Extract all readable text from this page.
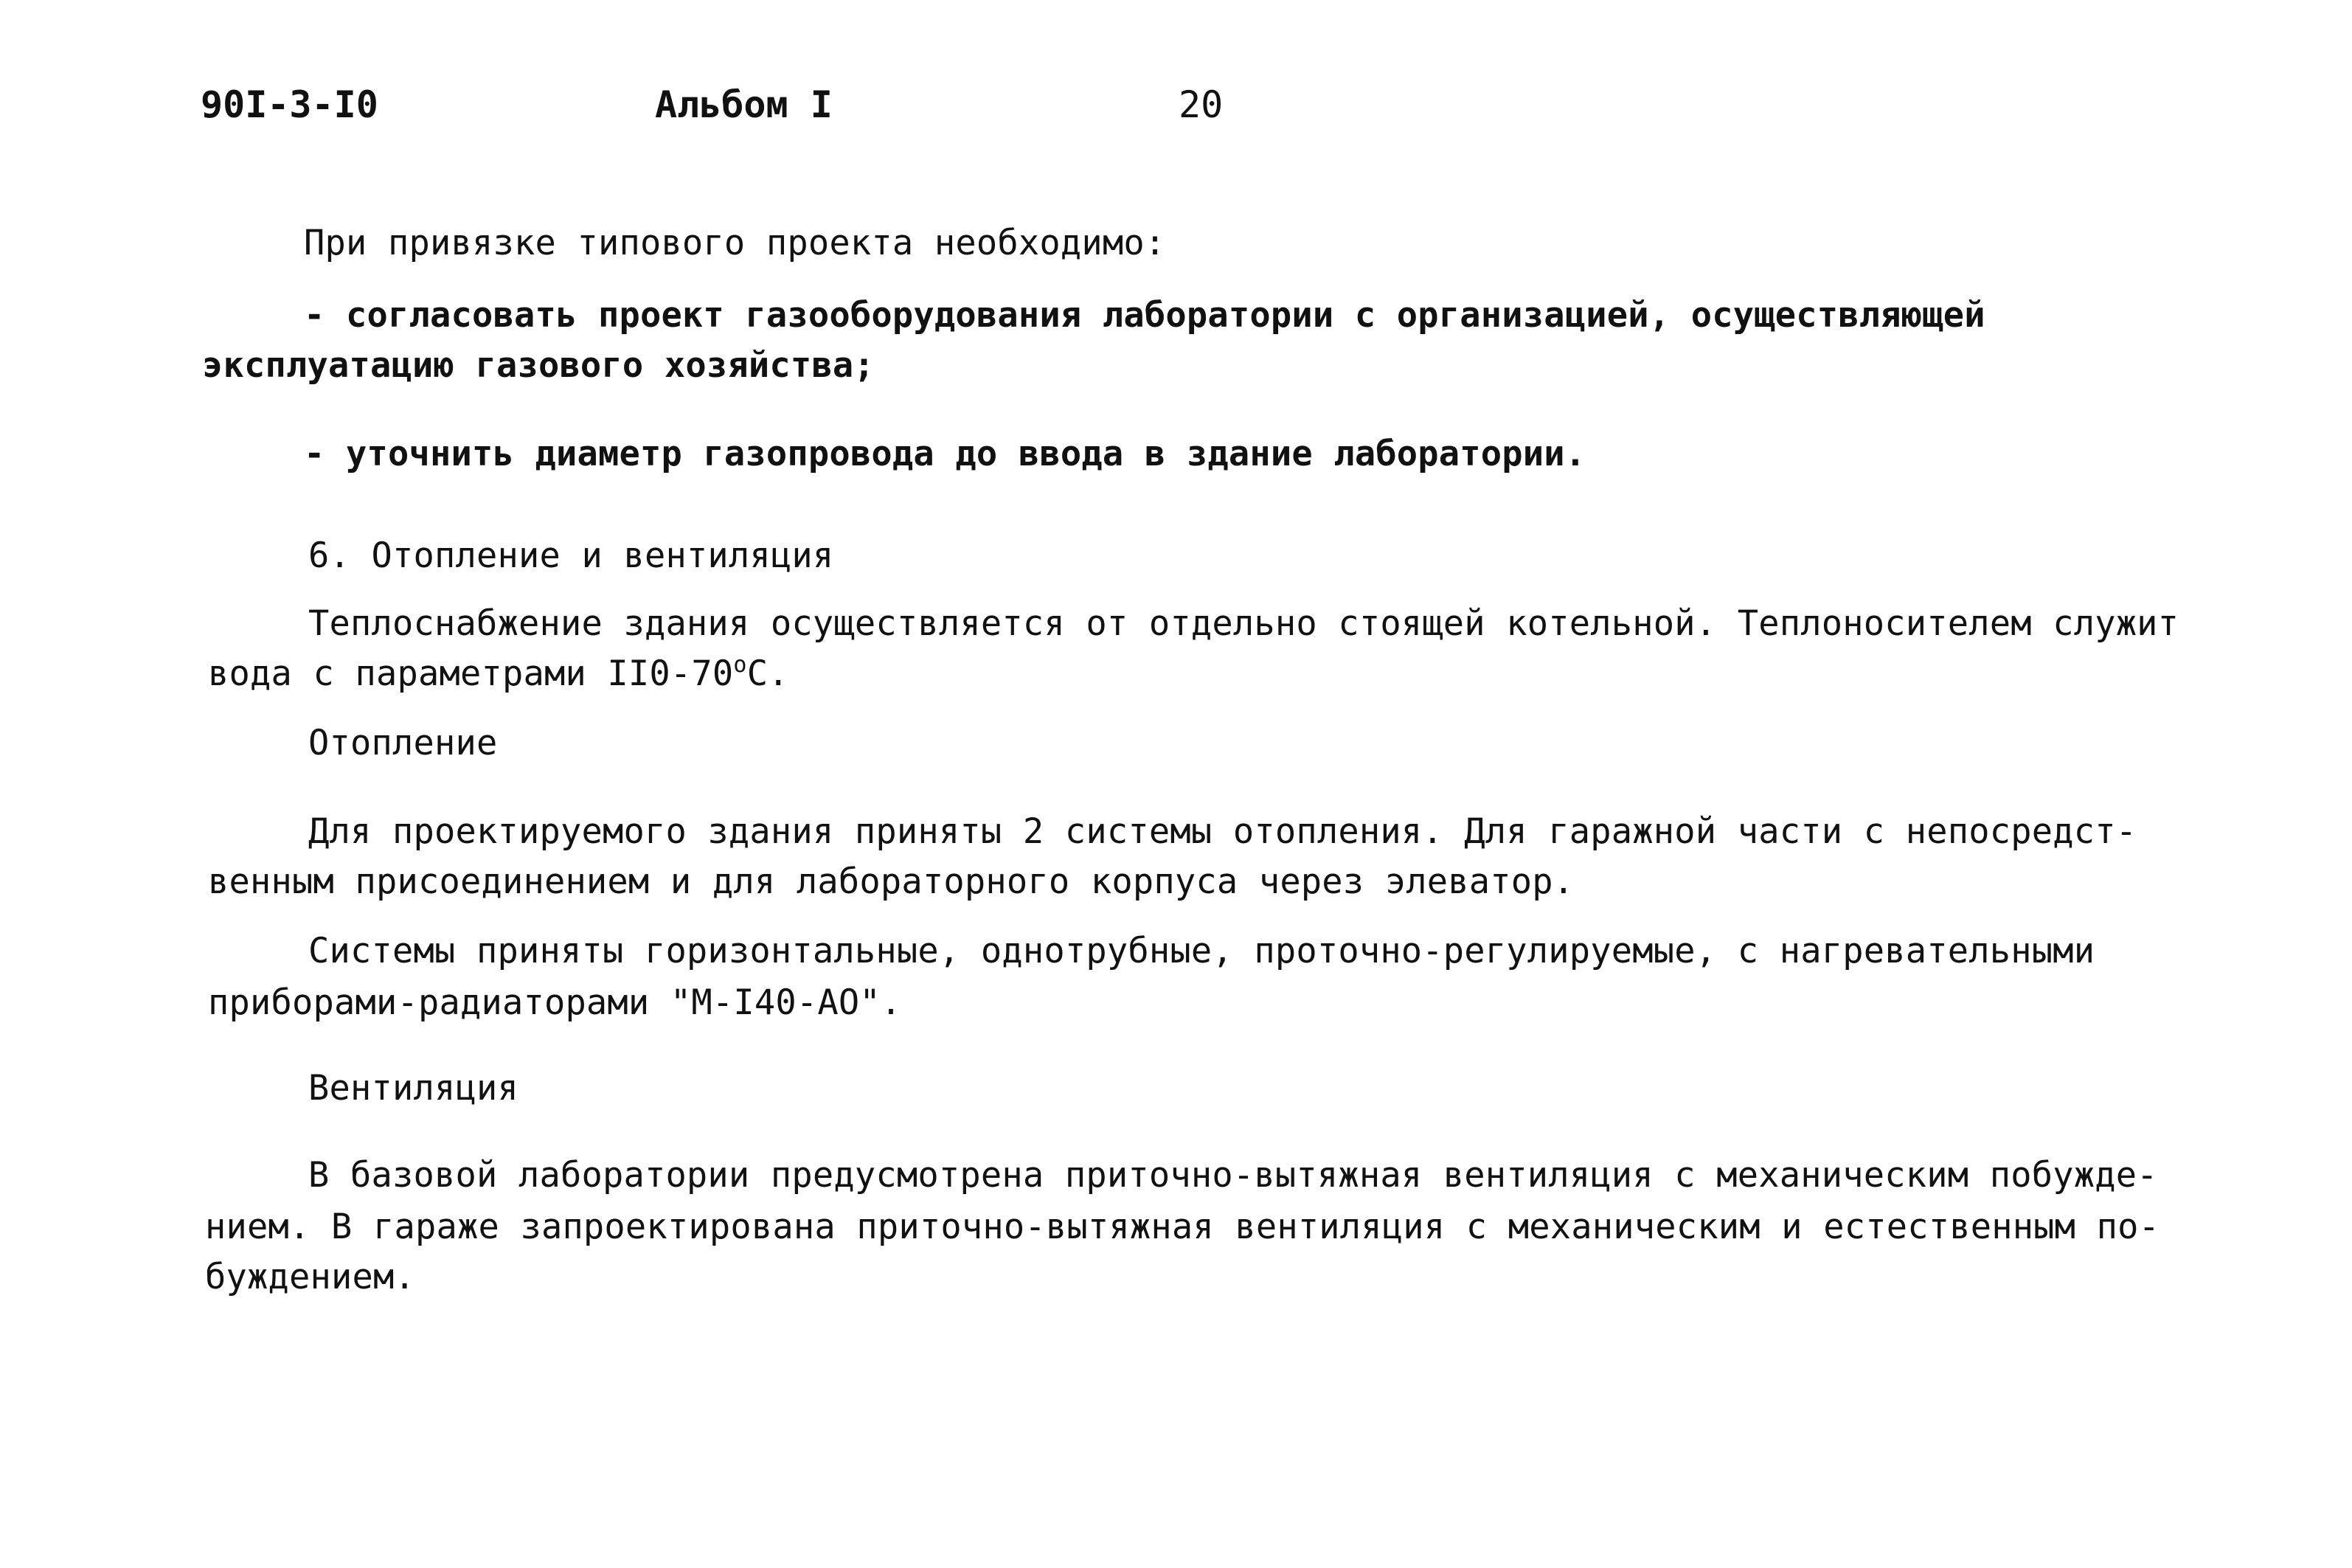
90I-3-I0	Альбом I	20
При привязке типового проекта необходимо:
- согласовать проект газооборудования лаборатории с организацией, осуществляющей
эксплуатацию газового хозяйства;
- уточнить диаметр газопровода до ввода в здание лаборатории.
6. Отопление и вентиляция
Теплоснабжение здания осуществляется от отдельно стоящей котельной. Теплоносителем служит
вода с параметрами $II0-70^оС$.
Отопление
Для проектируемого здания приняты 2 системы отопления. Для гаражной части с непосредст-
венным присоединением и для лабораторного корпуса через элеватор.
Системы приняты горизонтальные, однотрубные, проточно-регулируемые, с нагревательными
приборами-радиаторами "М-I40-АО".
Вентиляция
В базовой лаборатории предусмотрена приточно-вытяжная вентиляция с механическим побужде-
нием. В гараже запроектирована приточно-вытяжная вентиляция с механическим и естественным по-
буждением.
